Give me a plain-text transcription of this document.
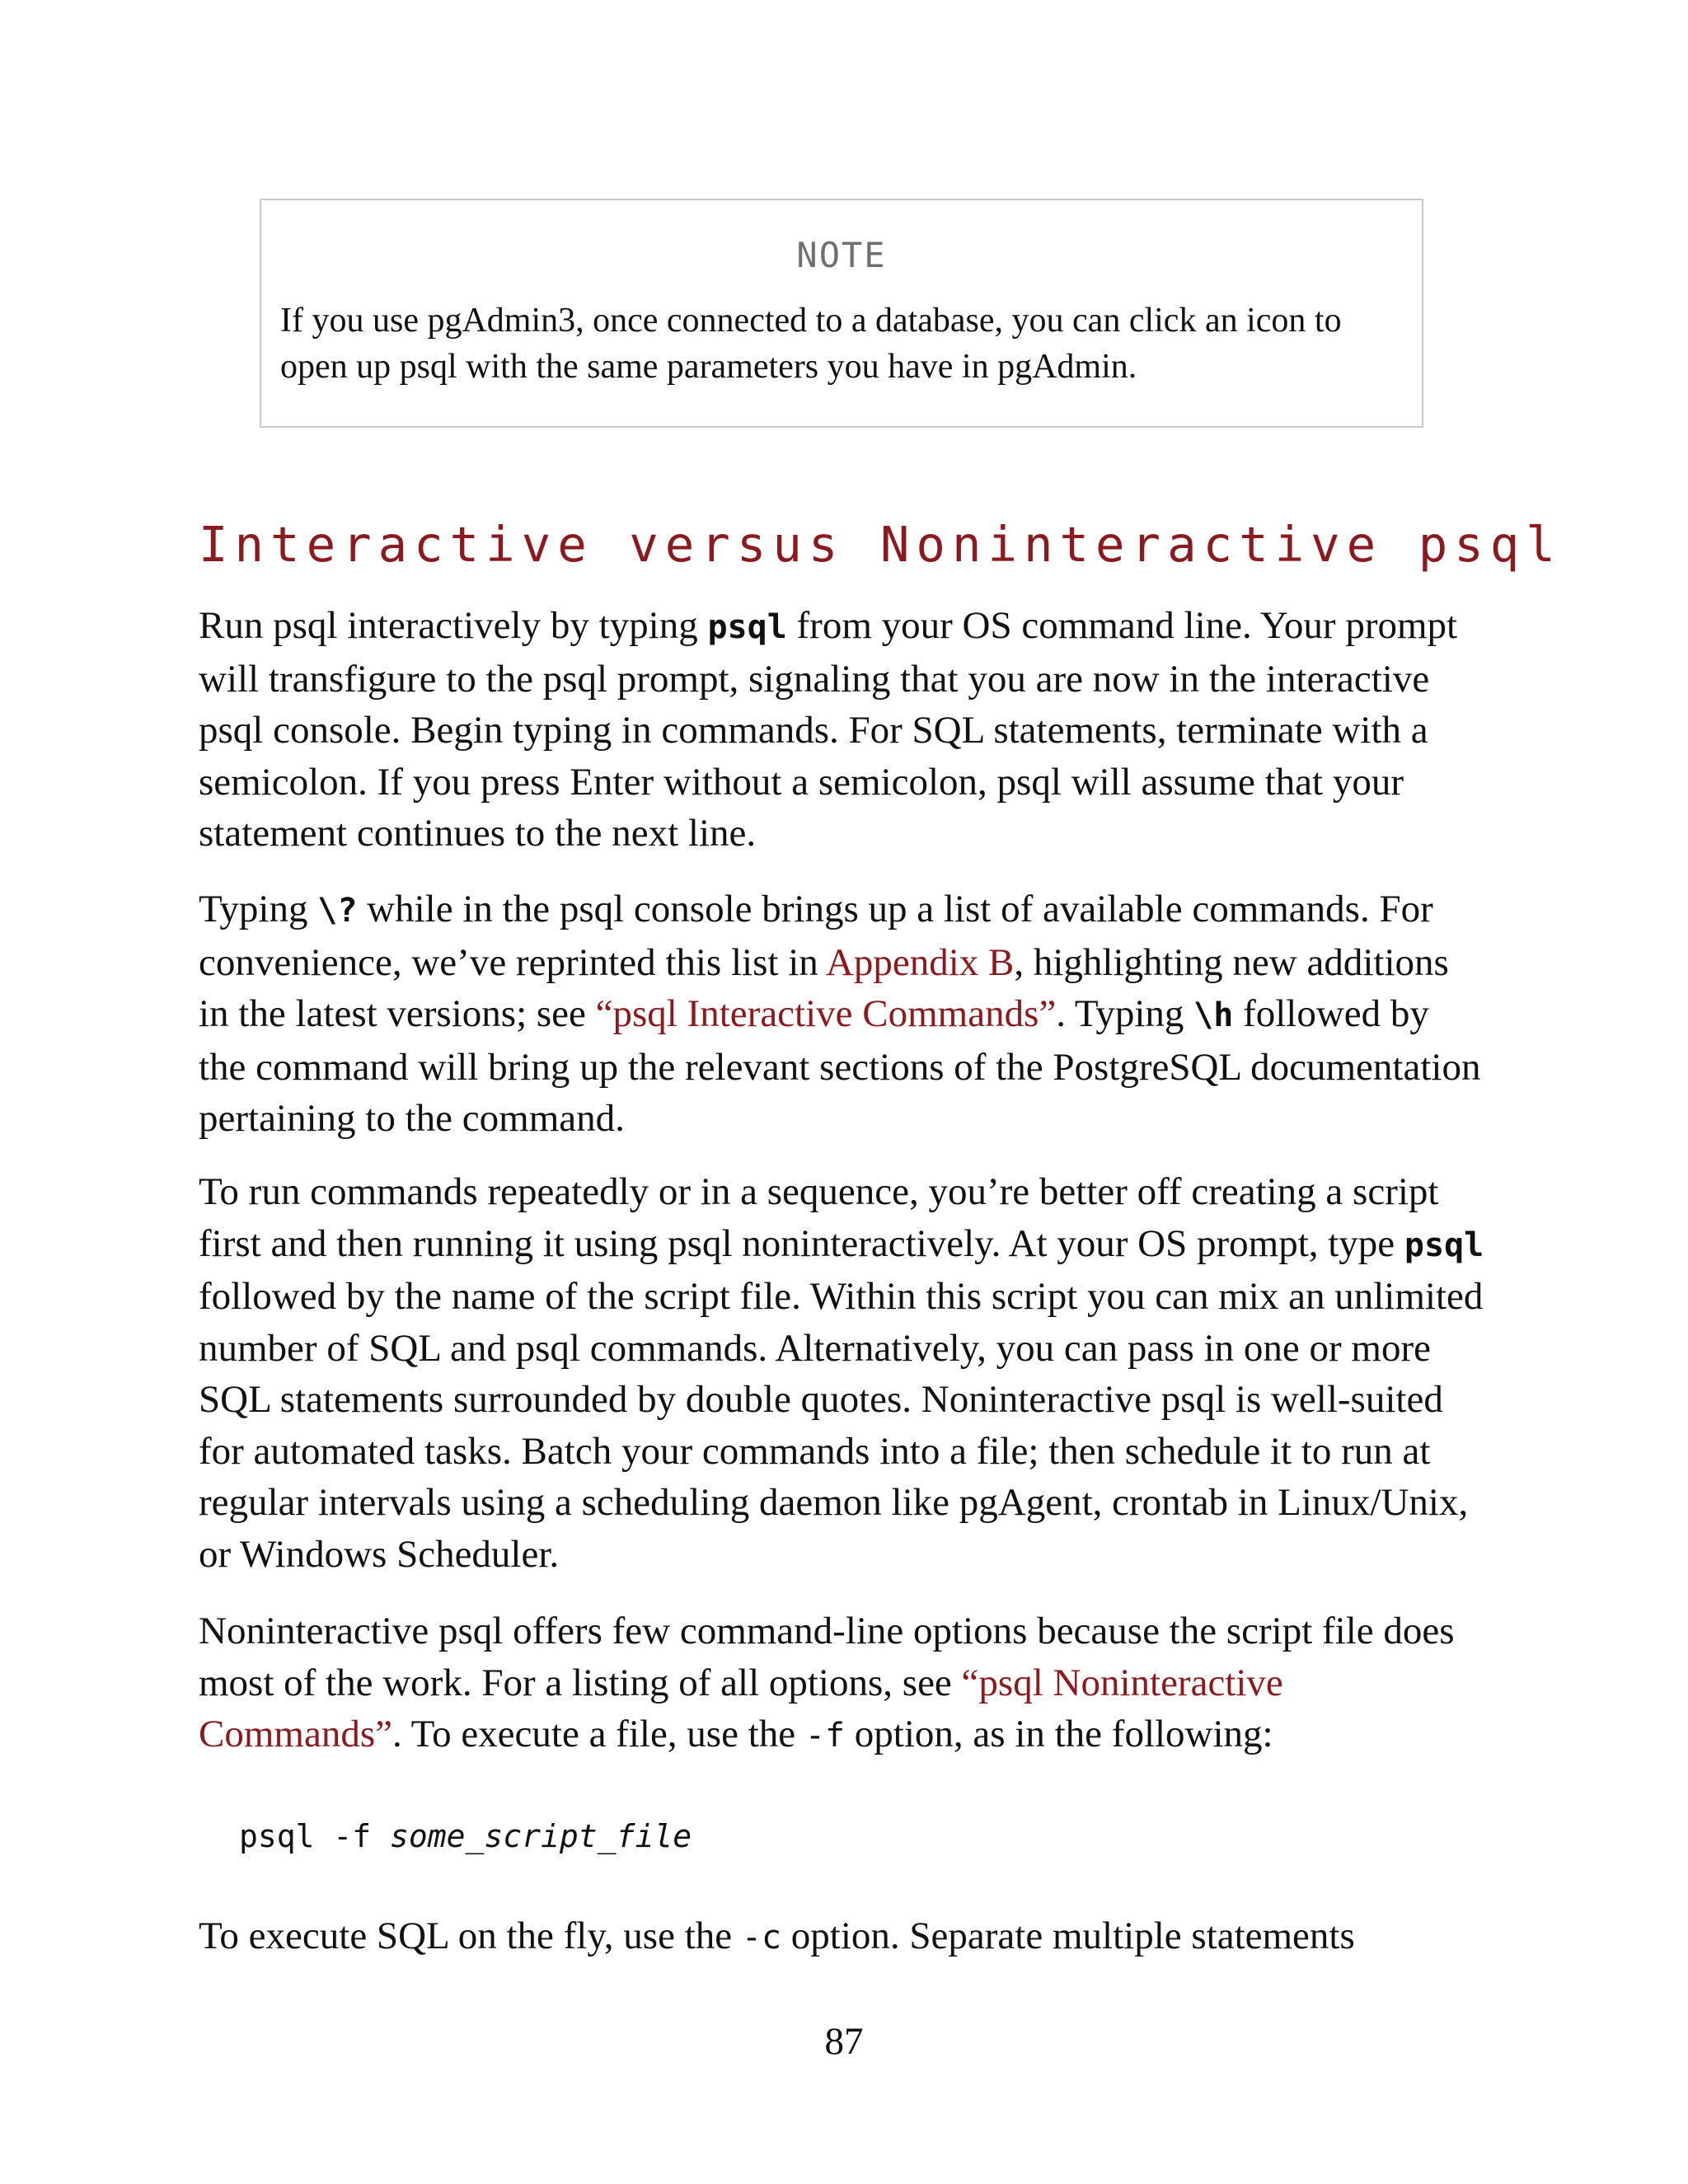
NOTE
If you use pgAdmin3, once connected to a database, you can click an icon to open up psql with the same parameters you have in pgAdmin.
Interactive versus Noninteractive psql
Run psql interactively by typing psql from your OS command line. Your prompt will transfigure to the psql prompt, signaling that you are now in the interactive psql console. Begin typing in commands. For SQL statements, terminate with a semicolon. If you press Enter without a semicolon, psql will assume that your statement continues to the next line.
Typing \? while in the psql console brings up a list of available commands. For convenience, we’ve reprinted this list in Appendix B, highlighting new additions in the latest versions; see “psql Interactive Commands”. Typing \h followed by the command will bring up the relevant sections of the PostgreSQL documentation pertaining to the command.
To run commands repeatedly or in a sequence, you’re better off creating a script first and then running it using psql noninteractively. At your OS prompt, type psql followed by the name of the script file. Within this script you can mix an unlimited number of SQL and psql commands. Alternatively, you can pass in one or more SQL statements surrounded by double quotes. Noninteractive psql is well-suited for automated tasks. Batch your commands into a file; then schedule it to run at regular intervals using a scheduling daemon like pgAgent, crontab in Linux/Unix, or Windows Scheduler.
Noninteractive psql offers few command-line options because the script file does most of the work. For a listing of all options, see “psql Noninteractive Commands”. To execute a file, use the -f option, as in the following:
psql -f some_script_file
To execute SQL on the fly, use the -c option. Separate multiple statements
87
